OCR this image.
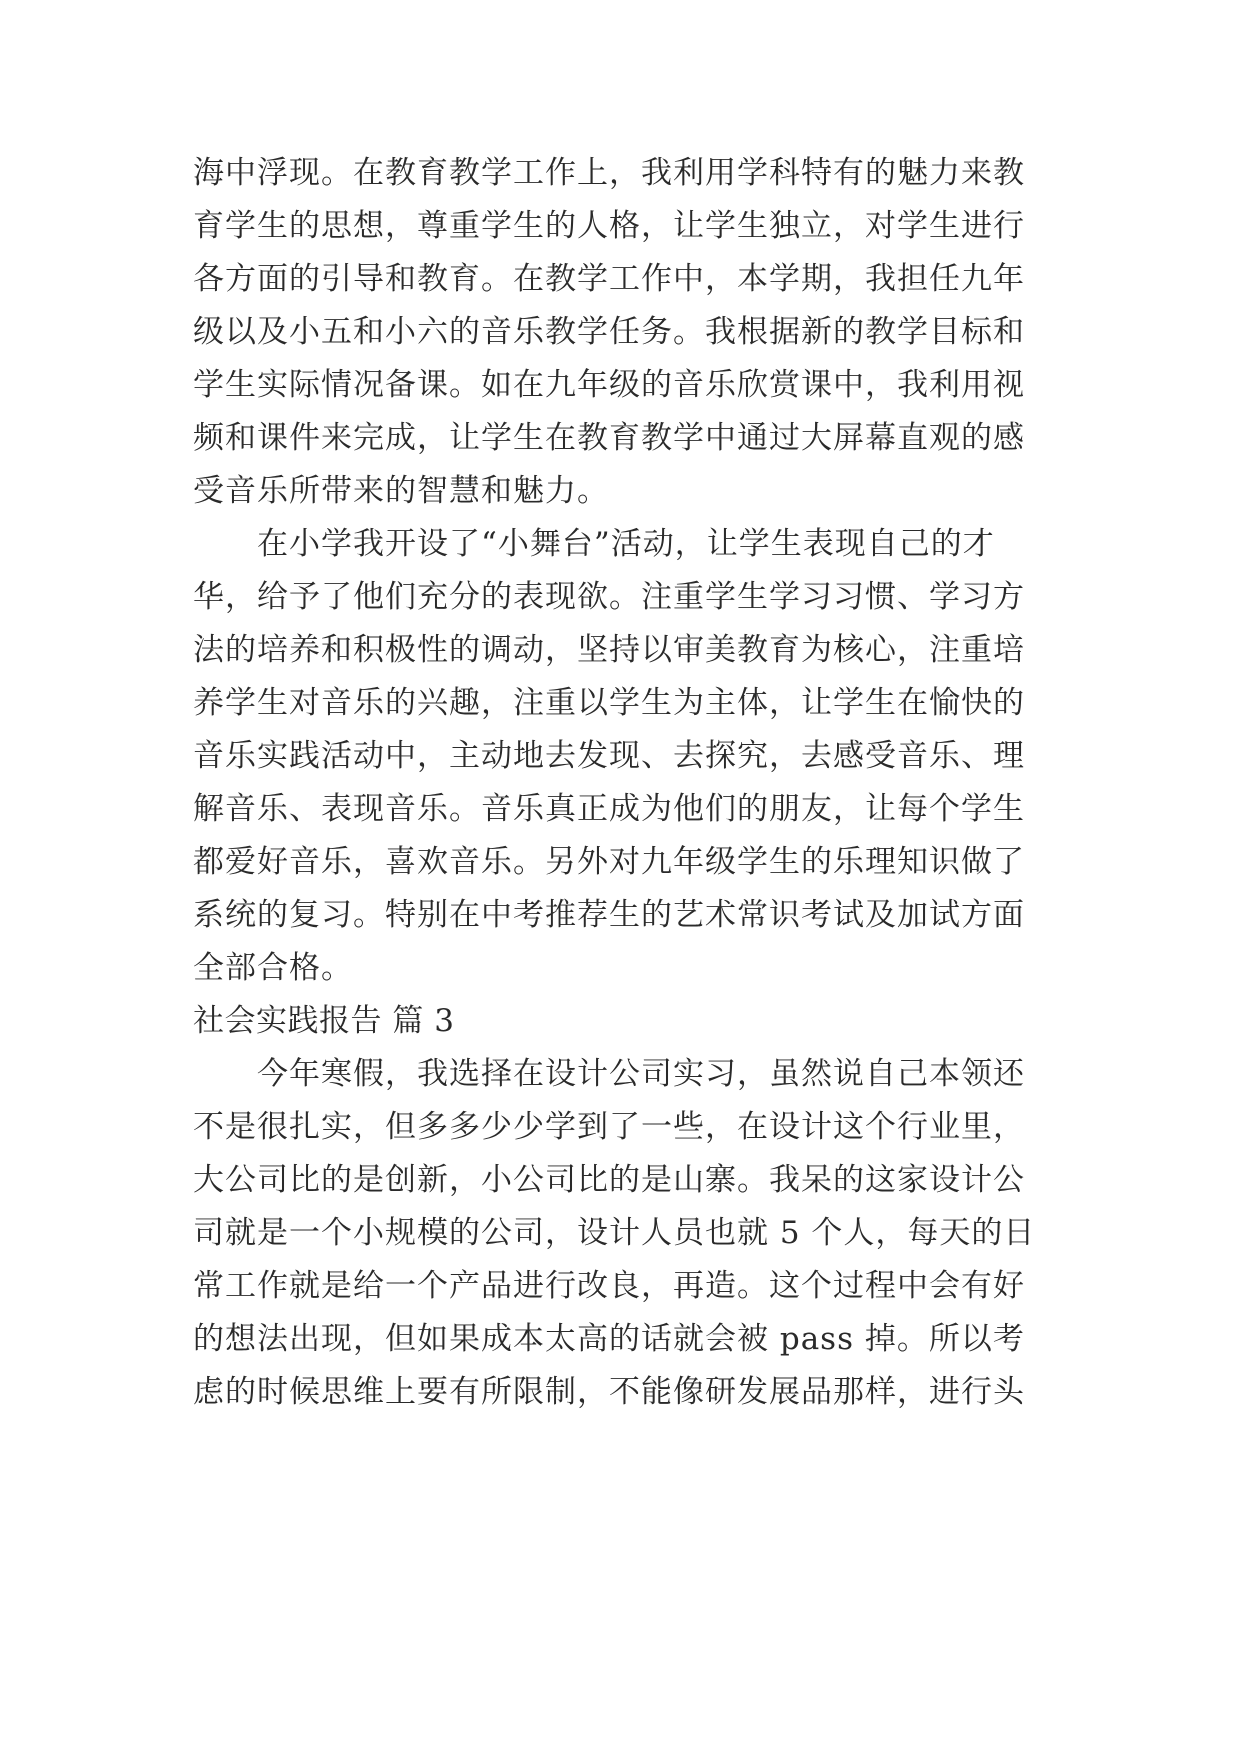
海中浮现。在教育教学工作上，我利用学科特有的魅力来教
育学生的思想，尊重学生的人格，让学生独立，对学生进行
各方面的引导和教育。在教学工作中，本学期，我担任九年
级以及小五和小六的音乐教学任务。我根据新的教学目标和
学生实际情况备课。如在九年级的音乐欣赏课中，我利用视
频和课件来完成，让学生在教育教学中通过大屏幕直观的感
受音乐所带来的智慧和魅力。
　　在小学我开设了“小舞台”活动，让学生表现自己的才
华，给予了他们充分的表现欲。注重学生学习习惯、学习方
法的培养和积极性的调动，坚持以审美教育为核心，注重培
养学生对音乐的兴趣，注重以学生为主体，让学生在愉快的
音乐实践活动中，主动地去发现、去探究，去感受音乐、理
解音乐、表现音乐。音乐真正成为他们的朋友，让每个学生
都爱好音乐，喜欢音乐。另外对九年级学生的乐理知识做了
系统的复习。特别在中考推荐生的艺术常识考试及加试方面
全部合格。
社会实践报告 篇 3
　　今年寒假，我选择在设计公司实习，虽然说自己本领还
不是很扎实，但多多少少学到了一些，在设计这个行业里，
大公司比的是创新，小公司比的是山寨。我呆的这家设计公
司就是一个小规模的公司，设计人员也就 5 个人，每天的日
常工作就是给一个产品进行改良，再造。这个过程中会有好
的想法出现，但如果成本太高的话就会被 pass 掉。所以考
虑的时候思维上要有所限制，不能像研发展品那样，进行头
